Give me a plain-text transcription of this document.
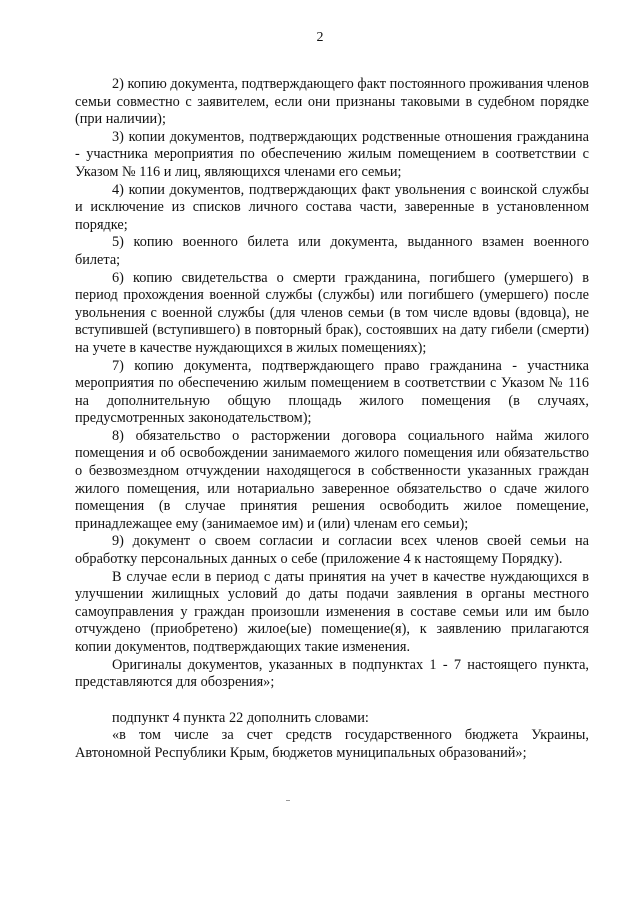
2

2) копию документа, подтверждающего факт постоянного проживания членов семьи совместно с заявителем, если они признаны таковыми в судебном порядке (при наличии);

3) копии документов, подтверждающих родственные отношения гражданина - участника мероприятия по обеспечению жилым помещением в соответствии с Указом № 116 и лиц, являющихся членами его семьи;

4) копии документов, подтверждающих факт увольнения с воинской службы и исключение из списков личного состава части, заверенные в установленном порядке;

5) копию военного билета или документа, выданного взамен военного билета;

6) копию свидетельства о смерти гражданина, погибшего (умершего) в период прохождения военной службы (службы) или погибшего (умершего) после увольнения с военной службы (для членов семьи (в том числе вдовы (вдовца), не вступившей (вступившего) в повторный брак), состоявших на дату гибели (смерти) на учете в качестве нуждающихся в жилых помещениях);

7) копию документа, подтверждающего право гражданина - участника мероприятия по обеспечению жилым помещением в соответствии с Указом № 116 на дополнительную общую площадь жилого помещения (в случаях, предусмотренных законодательством);

8) обязательство о расторжении договора социального найма жилого помещения и об освобождении занимаемого жилого помещения или обязательство о безвозмездном отчуждении находящегося в собственности указанных граждан жилого помещения, или нотариально заверенное обязательство о сдаче жилого помещения (в случае принятия решения освободить жилое помещение, принадлежащее ему (занимаемое им) и (или) членам его семьи);

9) документ о своем согласии и согласии всех членов своей семьи на обработку персональных данных о себе (приложение 4 к настоящему Порядку).

В случае если в период с даты принятия на учет в качестве нуждающихся в улучшении жилищных условий до даты подачи заявления в органы местного самоуправления у граждан произошли изменения в составе семьи или им было отчуждено (приобретено) жилое(ые) помещение(я), к заявлению прилагаются копии документов, подтверждающих такие изменения.

Оригиналы документов, указанных в подпунктах 1 - 7 настоящего пункта, представляются для обозрения»;

подпункт 4 пункта 22 дополнить словами:

«в том числе за счет средств государственного бюджета Украины, Автономной Республики Крым, бюджетов муниципальных образований»;
